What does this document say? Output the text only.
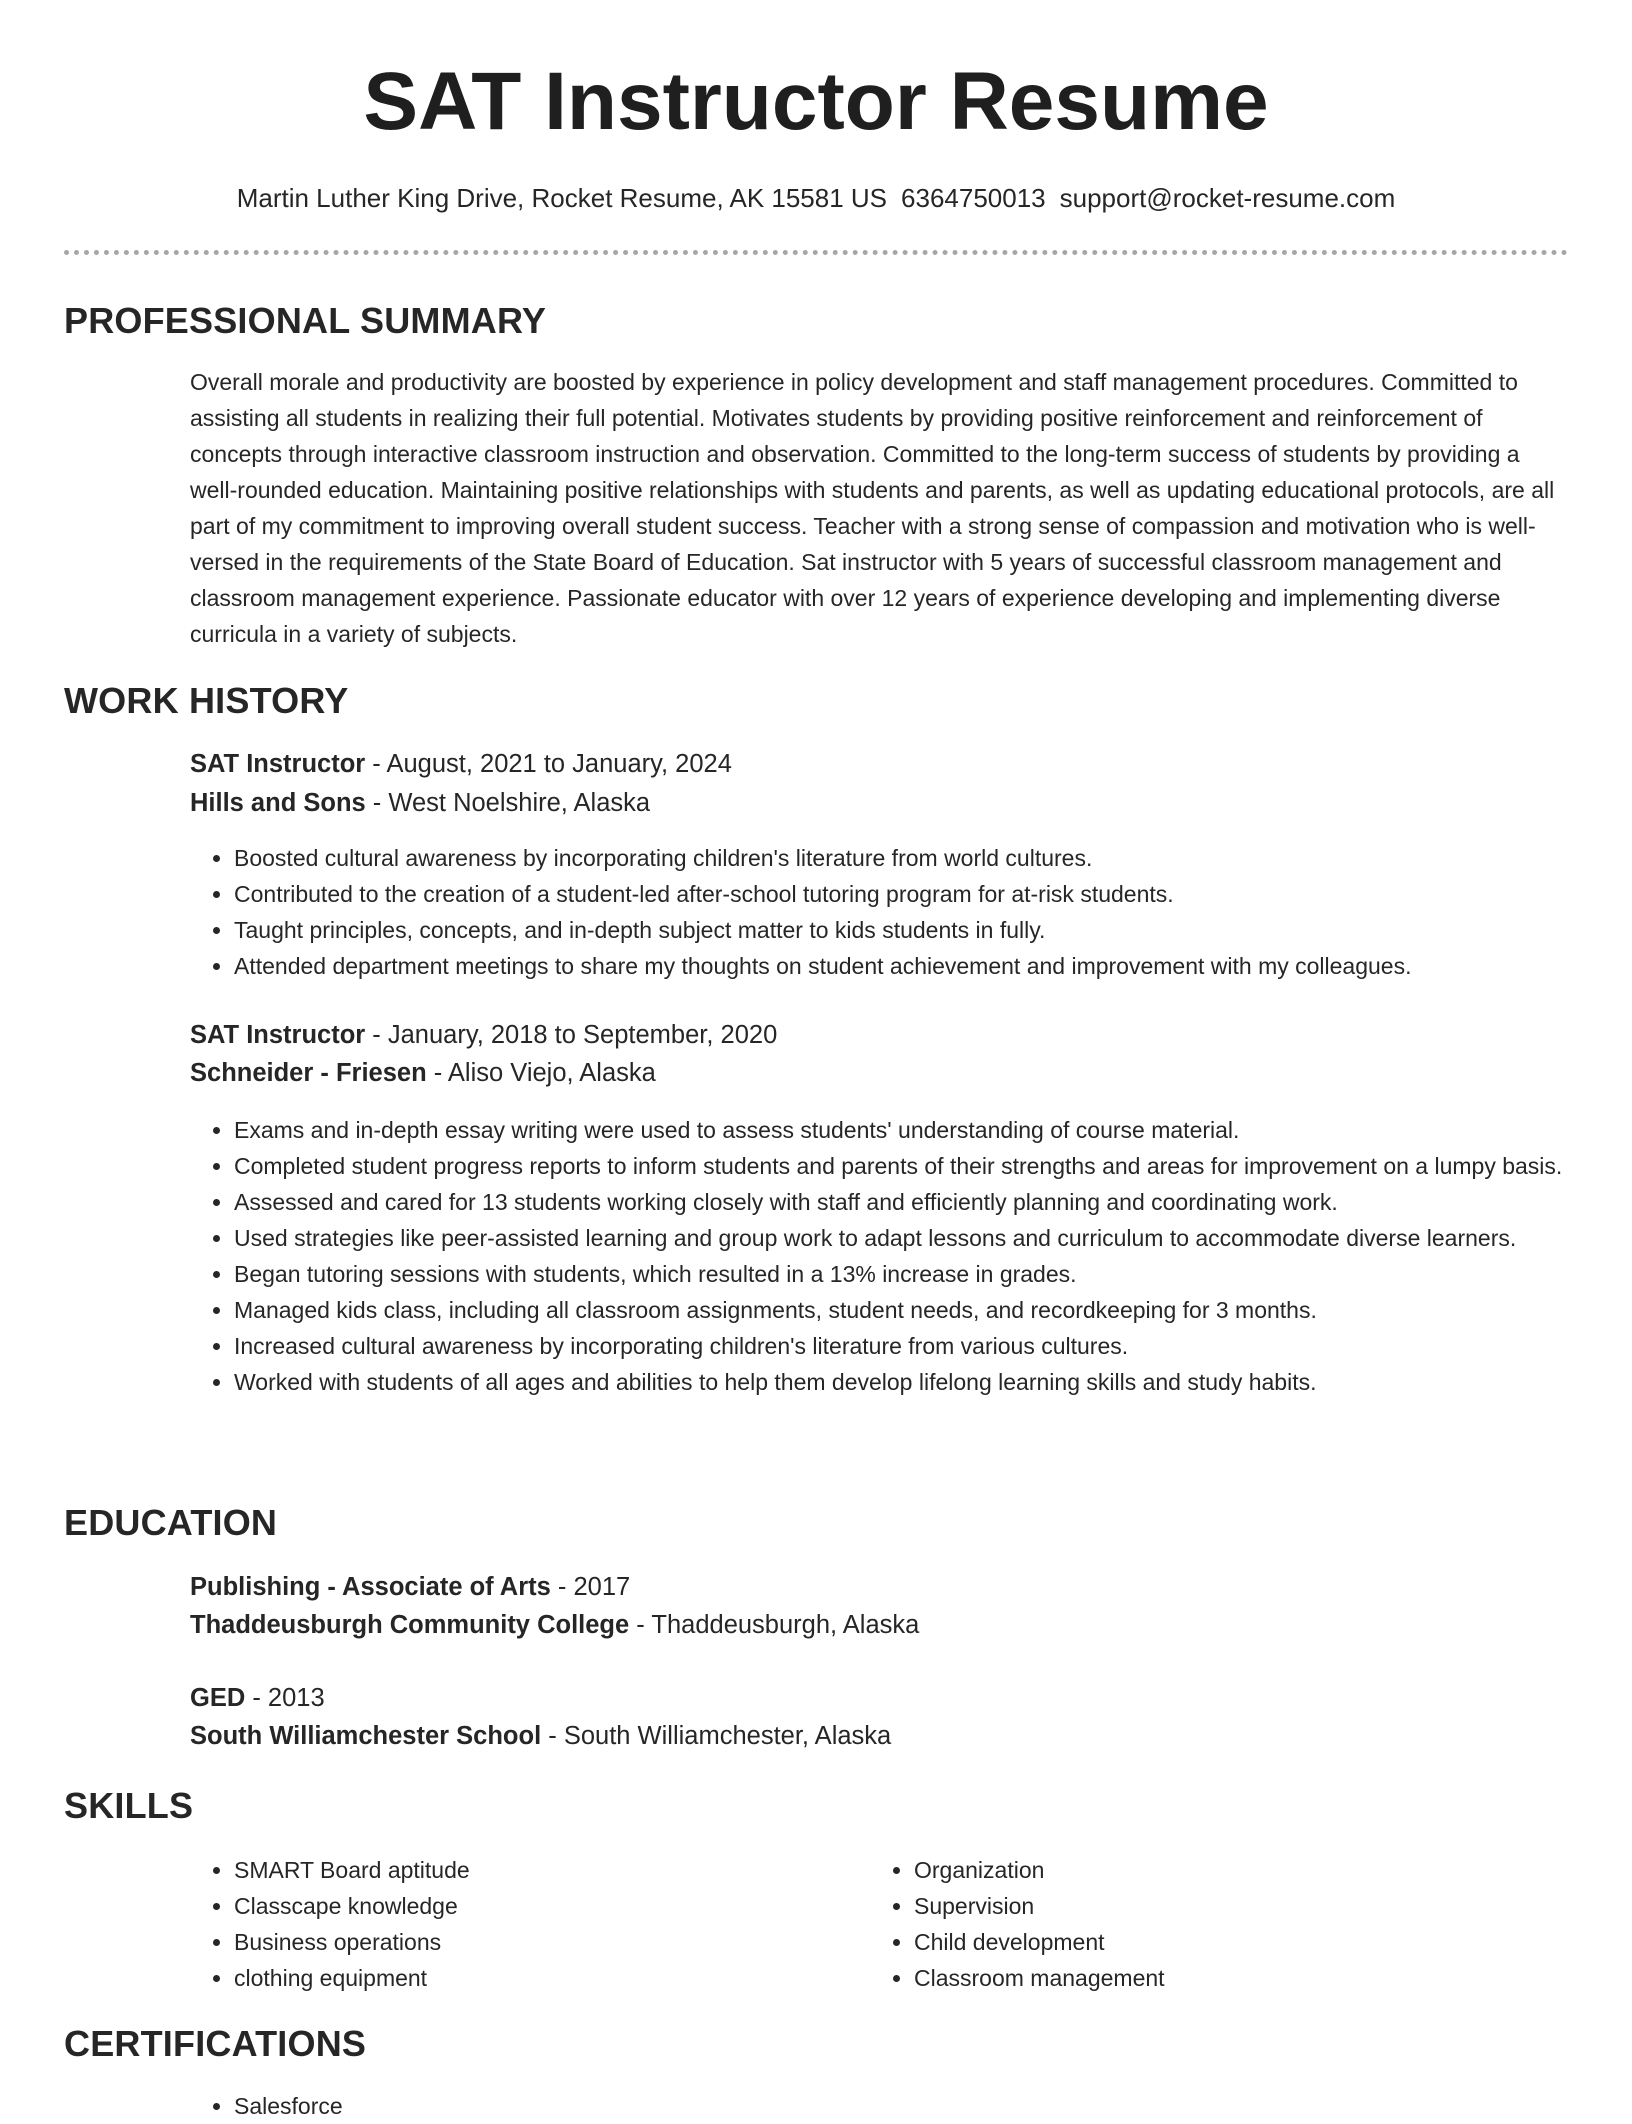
SAT Instructor Resume
Martin Luther King Drive, Rocket Resume, AK 15581 US 6364750013 support@rocket-resume.com
PROFESSIONAL SUMMARY
Overall morale and productivity are boosted by experience in policy development and staff management procedures. Committed to assisting all students in realizing their full potential. Motivates students by providing positive reinforcement and reinforcement of concepts through interactive classroom instruction and observation. Committed to the long-term success of students by providing a well-rounded education. Maintaining positive relationships with students and parents, as well as updating educational protocols, are all part of my commitment to improving overall student success. Teacher with a strong sense of compassion and motivation who is well-versed in the requirements of the State Board of Education. Sat instructor with 5 years of successful classroom management and classroom management experience. Passionate educator with over 12 years of experience developing and implementing diverse curricula in a variety of subjects.
WORK HISTORY
SAT Instructor - August, 2021 to January, 2024
Hills and Sons - West Noelshire, Alaska
• Boosted cultural awareness by incorporating children's literature from world cultures.
• Contributed to the creation of a student-led after-school tutoring program for at-risk students.
• Taught principles, concepts, and in-depth subject matter to kids students in fully.
• Attended department meetings to share my thoughts on student achievement and improvement with my colleagues.
SAT Instructor - January, 2018 to September, 2020
Schneider - Friesen - Aliso Viejo, Alaska
• Exams and in-depth essay writing were used to assess students' understanding of course material.
• Completed student progress reports to inform students and parents of their strengths and areas for improvement on a lumpy basis.
• Assessed and cared for 13 students working closely with staff and efficiently planning and coordinating work.
• Used strategies like peer-assisted learning and group work to adapt lessons and curriculum to accommodate diverse learners.
• Began tutoring sessions with students, which resulted in a 13% increase in grades.
• Managed kids class, including all classroom assignments, student needs, and recordkeeping for 3 months.
• Increased cultural awareness by incorporating children's literature from various cultures.
• Worked with students of all ages and abilities to help them develop lifelong learning skills and study habits.
EDUCATION
Publishing - Associate of Arts - 2017
Thaddeusburgh Community College - Thaddeusburgh, Alaska
GED - 2013
South Williamchester School - South Williamchester, Alaska
SKILLS
• SMART Board aptitude
• Classcape knowledge
• Business operations
• clothing equipment
• Organization
• Supervision
• Child development
• Classroom management
CERTIFICATIONS
• Salesforce
